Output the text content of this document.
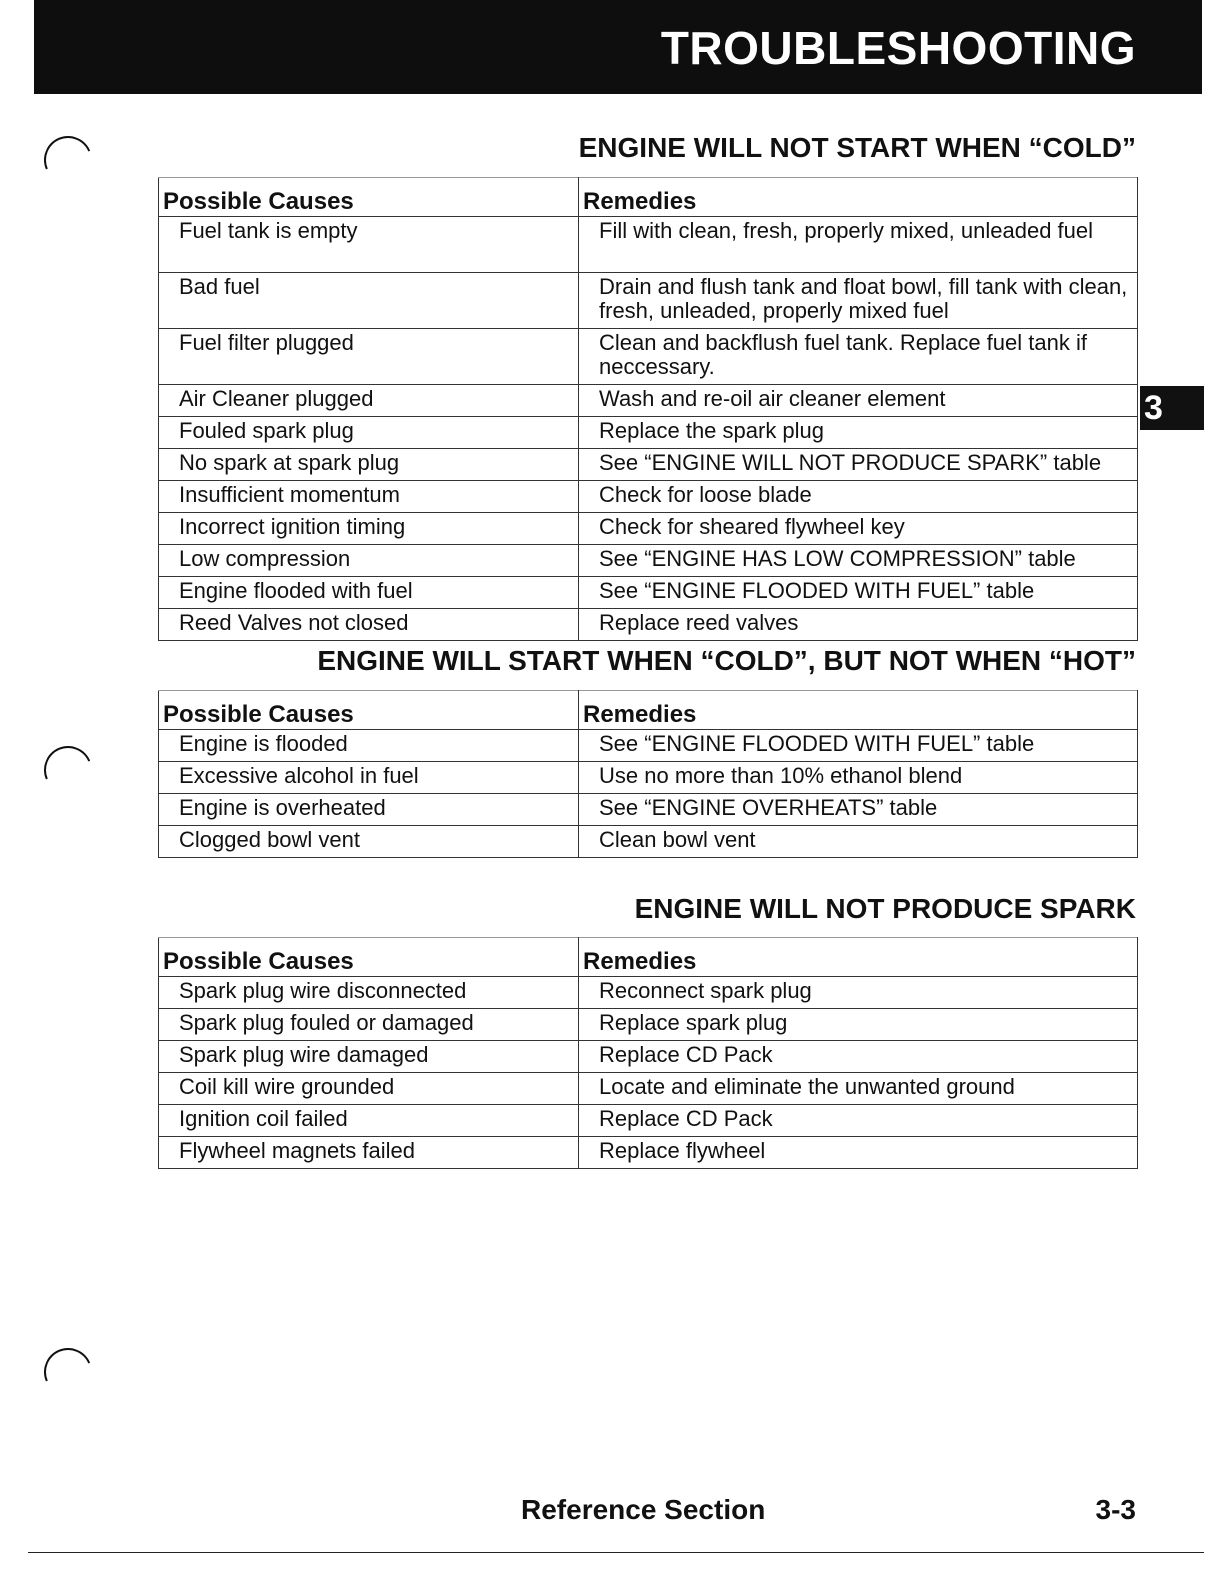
TROUBLESHOOTING
3
ENGINE WILL NOT START WHEN “COLD”
Possible Causes	Remedies
Fuel tank is empty	Fill with clean, fresh, properly mixed, unleaded fuel
Bad fuel	Drain and flush tank and float bowl, fill tank with clean, fresh, unleaded, properly mixed fuel
Fuel filter plugged	Clean and backflush fuel tank. Replace fuel tank if neccessary.
Air Cleaner plugged	Wash and re-oil air cleaner element
Fouled spark plug	Replace the spark plug
No spark at spark plug	See “ENGINE WILL NOT PRODUCE SPARK” table
Insufficient momentum	Check for loose blade
Incorrect ignition timing	Check for sheared flywheel key
Low compression	See “ENGINE HAS LOW COMPRESSION” table
Engine flooded with fuel	See “ENGINE FLOODED WITH FUEL” table
Reed Valves not closed	Replace reed valves
ENGINE WILL START WHEN “COLD”, BUT NOT WHEN “HOT”
Possible Causes	Remedies
Engine is flooded	See “ENGINE FLOODED WITH FUEL” table
Excessive alcohol in fuel	Use no more than 10% ethanol blend
Engine is overheated	See “ENGINE OVERHEATS” table
Clogged bowl vent	Clean bowl vent
ENGINE WILL NOT PRODUCE SPARK
Possible Causes	Remedies
Spark plug wire disconnected	Reconnect spark plug
Spark plug fouled or damaged	Replace spark plug
Spark plug wire damaged	Replace CD Pack
Coil kill wire grounded	Locate and eliminate the unwanted ground
Ignition coil failed	Replace CD Pack
Flywheel magnets failed	Replace flywheel
Reference Section	3-3
